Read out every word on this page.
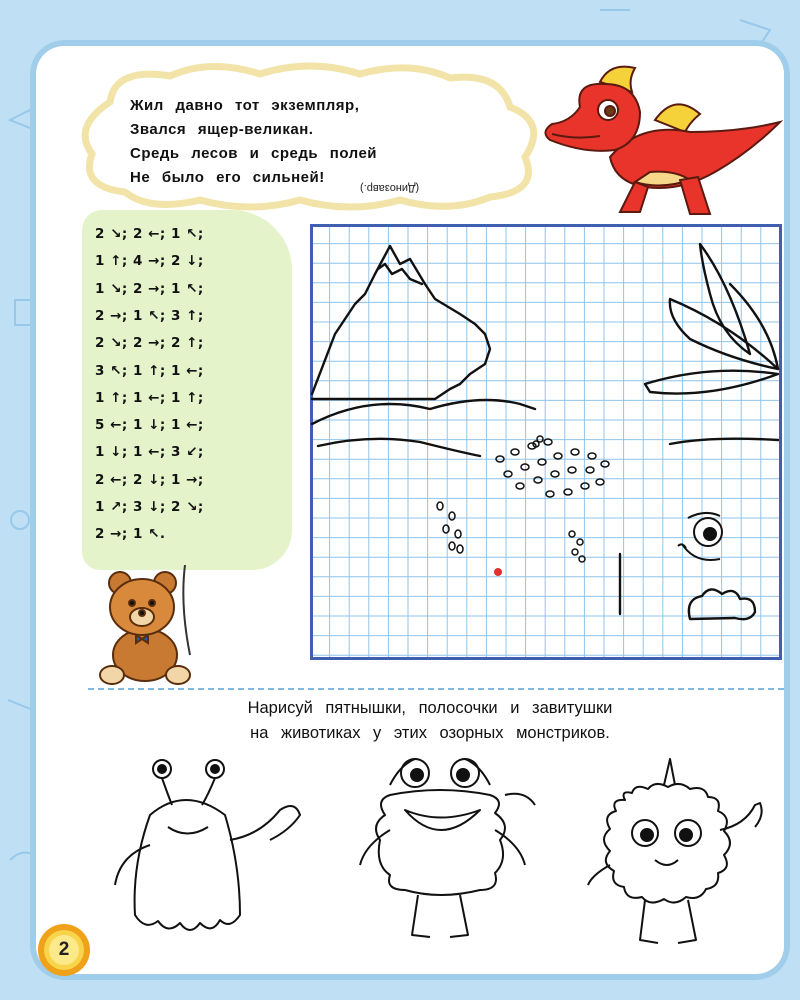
Жил давно тот экземпляр,
Звался ящер-великан.
Средь лесов и средь полей
Не было его сильней!
(Динозавр.)
2 ↘; 2 ←; 1 ↖;
1 ↑; 4 →; 2 ↓;
1 ↘; 2 →; 1 ↖;
2 →; 1 ↖; 3 ↑;
2 ↘; 2 →; 2 ↑;
3 ↖; 1 ↑; 1 ←;
1 ↑; 1 ←; 1 ↑;
5 ←; 1 ↓; 1 ←;
1 ↓; 1 ←; 3 ↙;
2 ←; 2 ↓; 1 →;
1 ↗; 3 ↓; 2 ↘;
2 →; 1 ↖.
Нарисуй пятнышки, полосочки и завитушки
на животиках у этих озорных монстриков.
2
